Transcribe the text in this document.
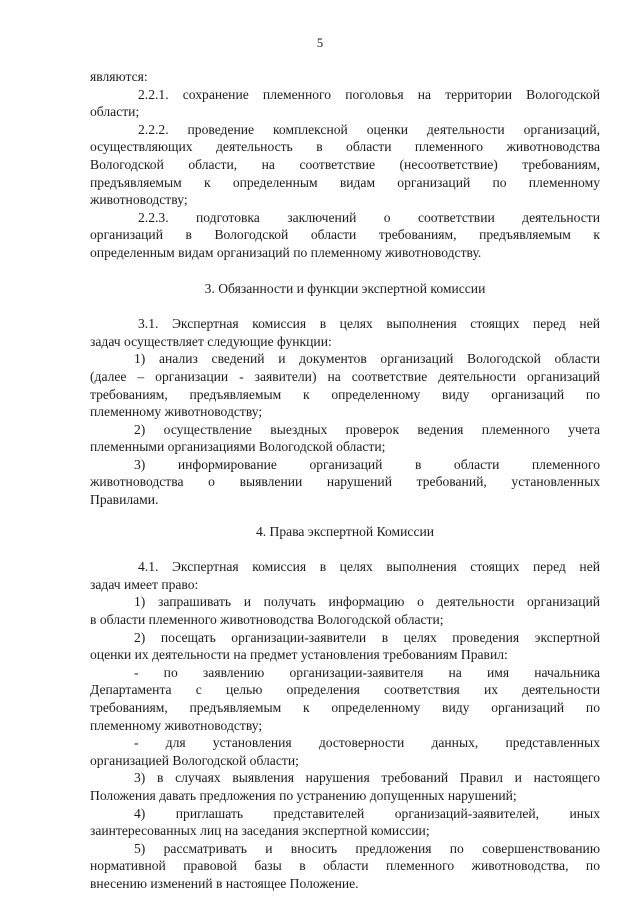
5
являются:
2.2.1. сохранение племенного поголовья на территории Вологодской
области;
2.2.2. проведение комплексной оценки деятельности организаций,
осуществляющих деятельность в области племенного животноводства
Вологодской области, на соответствие (несоответствие) требованиям,
предъявляемым к определенным видам организаций по племенному
животноводству;
2.2.3. подготовка заключений о соответствии деятельности
организаций в Вологодской области требованиям, предъявляемым к
определенным видам организаций по племенному животноводству.
3. Обязанности и функции экспертной комиссии
3.1. Экспертная комиссия в целях выполнения стоящих перед ней
задач осуществляет следующие функции:
1) анализ сведений и документов организаций Вологодской области
(далее – организации - заявители) на соответствие деятельности организаций
требованиям, предъявляемым к определенному виду организаций по
племенному животноводству;
2) осуществление выездных проверок ведения племенного учета
племенными организациями Вологодской области;
3) информирование организаций в области племенного
животноводства о выявлении нарушений требований, установленных
Правилами.
4. Права экспертной Комиссии
4.1. Экспертная комиссия в целях выполнения стоящих перед ней
задач имеет право:
1) запрашивать и получать информацию о деятельности организаций
в области племенного животноводства Вологодской области;
2) посещать организации-заявители в целях проведения экспертной
оценки их деятельности на предмет установления требованиям Правил:
- по заявлению организации-заявителя на имя начальника
Департамента с целью определения соответствия их деятельности
требованиям, предъявляемым к определенному виду организаций по
племенному животноводству;
- для установления достоверности данных, представленных
организацией Вологодской области;
3) в случаях выявления нарушения требований Правил и настоящего
Положения давать предложения по устранению допущенных нарушений;
4) приглашать представителей организаций-заявителей, иных
заинтересованных лиц на заседания экспертной комиссии;
5) рассматривать и вносить предложения по совершенствованию
нормативной правовой базы в области племенного животноводства, по
внесению изменений в настоящее Положение.
